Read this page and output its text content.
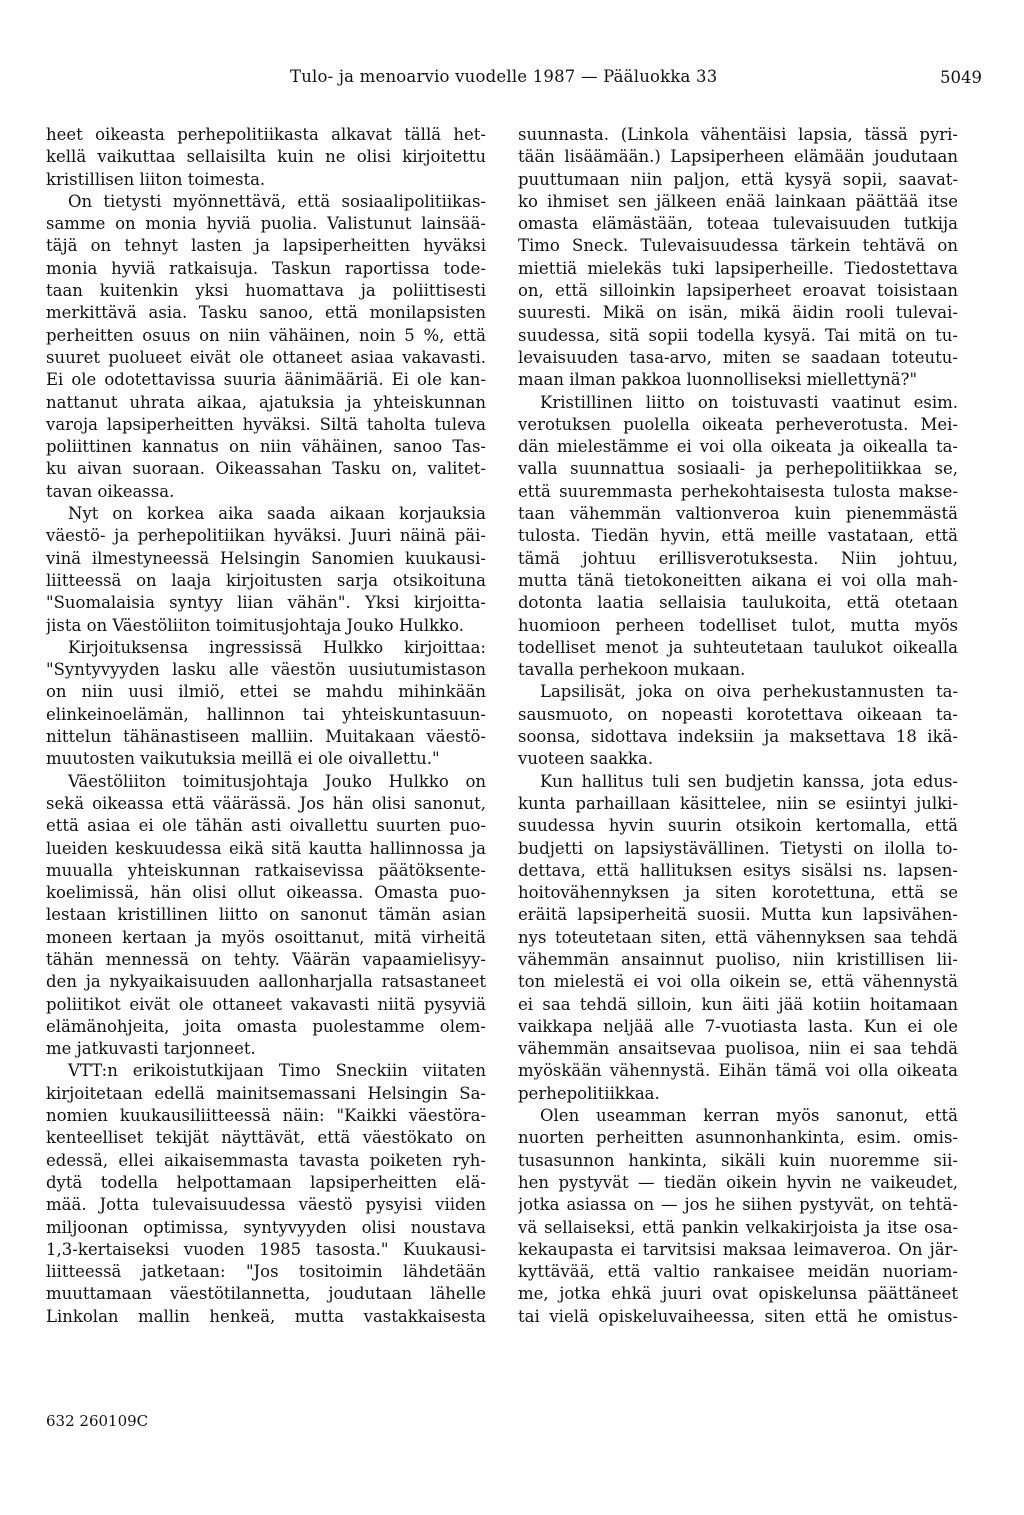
Tulo- ja menoarvio vuodelle 1987 — Pääluokka 33	5049
heet oikeasta perhepolitiikasta alkavat tällä het-
kellä vaikuttaa sellaisilta kuin ne olisi kirjoitettu
kristillisen liiton toimesta.
On tietysti myönnettävä, että sosiaalipolitiikas-
samme on monia hyviä puolia. Valistunut lainsää-
täjä on tehnyt lasten ja lapsiperheitten hyväksi
monia hyviä ratkaisuja. Taskun raportissa tode-
taan kuitenkin yksi huomattava ja poliittisesti
merkittävä asia. Tasku sanoo, että monilapsisten
perheitten osuus on niin vähäinen, noin 5 %, että
suuret puolueet eivät ole ottaneet asiaa vakavasti.
Ei ole odotettavissa suuria äänimääriä. Ei ole kan-
nattanut uhrata aikaa, ajatuksia ja yhteiskunnan
varoja lapsiperheitten hyväksi. Siltä taholta tuleva
poliittinen kannatus on niin vähäinen, sanoo Tas-
ku aivan suoraan. Oikeassahan Tasku on, valitet-
tavan oikeassa.
Nyt on korkea aika saada aikaan korjauksia
väestö- ja perhepolitiikan hyväksi. Juuri näinä päi-
vinä ilmestyneessä Helsingin Sanomien kuukausi-
liitteessä on laaja kirjoitusten sarja otsikoituna
"Suomalaisia syntyy liian vähän". Yksi kirjoitta-
jista on Väestöliiton toimitusjohtaja Jouko Hulkko.
Kirjoituksensa ingressissä Hulkko kirjoittaa:
"Syntyvyyden lasku alle väestön uusiutumistason
on niin uusi ilmiö, ettei se mahdu mihinkään
elinkeinoelämän, hallinnon tai yhteiskuntasuun-
nittelun tähänastiseen malliin. Muitakaan väestö-
muutosten vaikutuksia meillä ei ole oivallettu."
Väestöliiton toimitusjohtaja Jouko Hulkko on
sekä oikeassa että väärässä. Jos hän olisi sanonut,
että asiaa ei ole tähän asti oivallettu suurten puo-
lueiden keskuudessa eikä sitä kautta hallinnossa ja
muualla yhteiskunnan ratkaisevissa päätöksente-
koelimissä, hän olisi ollut oikeassa. Omasta puo-
lestaan kristillinen liitto on sanonut tämän asian
moneen kertaan ja myös osoittanut, mitä virheitä
tähän mennessä on tehty. Väärän vapaamielisyy-
den ja nykyaikaisuuden aallonharjalla ratsastaneet
poliitikot eivät ole ottaneet vakavasti niitä pysyviä
elämänohjeita, joita omasta puolestamme olem-
me jatkuvasti tarjonneet.
VTT:n erikoistutkijaan Timo Sneckiin viitaten
kirjoitetaan edellä mainitsemassani Helsingin Sa-
nomien kuukausiliitteessä näin: "Kaikki väestöra-
kenteelliset tekijät näyttävät, että väestökato on
edessä, ellei aikaisemmasta tavasta poiketen ryh-
dytä todella helpottamaan lapsiperheitten elä-
mää. Jotta tulevaisuudessa väestö pysyisi viiden
miljoonan optimissa, syntyvyyden olisi noustava
1,3-kertaiseksi vuoden 1985 tasosta." Kuukausi-
liitteessä jatketaan: "Jos tositoimin lähdetään
muuttamaan väestötilannetta, joudutaan lähelle
Linkolan mallin henkeä, mutta vastakkaisesta
suunnasta. (Linkola vähentäisi lapsia, tässä pyri-
tään lisäämään.) Lapsiperheen elämään joudutaan
puuttumaan niin paljon, että kysyä sopii, saavat-
ko ihmiset sen jälkeen enää lainkaan päättää itse
omasta elämästään, toteaa tulevaisuuden tutkija
Timo Sneck. Tulevaisuudessa tärkein tehtävä on
miettiä mielekäs tuki lapsiperheille. Tiedostettava
on, että silloinkin lapsiperheet eroavat toisistaan
suuresti. Mikä on isän, mikä äidin rooli tulevai-
suudessa, sitä sopii todella kysyä. Tai mitä on tu-
levaisuuden tasa-arvo, miten se saadaan toteutu-
maan ilman pakkoa luonnolliseksi miellettynä?"
Kristillinen liitto on toistuvasti vaatinut esim.
verotuksen puolella oikeata perheverotusta. Mei-
dän mielestämme ei voi olla oikeata ja oikealla ta-
valla suunnattua sosiaali- ja perhepolitiikkaa se,
että suuremmasta perhekohtaisesta tulosta makse-
taan vähemmän valtionveroa kuin pienemmästä
tulosta. Tiedän hyvin, että meille vastataan, että
tämä johtuu erillisverotuksesta. Niin johtuu,
mutta tänä tietokoneitten aikana ei voi olla mah-
dotonta laatia sellaisia taulukoita, että otetaan
huomioon perheen todelliset tulot, mutta myös
todelliset menot ja suhteutetaan taulukot oikealla
tavalla perhekoon mukaan.
Lapsilisät, joka on oiva perhekustannusten ta-
sausmuoto, on nopeasti korotettava oikeaan ta-
soonsa, sidottava indeksiin ja maksettava 18 ikä-
vuoteen saakka.
Kun hallitus tuli sen budjetin kanssa, jota edus-
kunta parhaillaan käsittelee, niin se esiintyi julki-
suudessa hyvin suurin otsikoin kertomalla, että
budjetti on lapsiystävällinen. Tietysti on ilolla to-
dettava, että hallituksen esitys sisälsi ns. lapsen-
hoitovähennyksen ja siten korotettuna, että se
eräitä lapsiperheitä suosii. Mutta kun lapsivähen-
nys toteutetaan siten, että vähennyksen saa tehdä
vähemmän ansainnut puoliso, niin kristillisen lii-
ton mielestä ei voi olla oikein se, että vähennystä
ei saa tehdä silloin, kun äiti jää kotiin hoitamaan
vaikkapa neljää alle 7-vuotiasta lasta. Kun ei ole
vähemmän ansaitsevaa puolisoa, niin ei saa tehdä
myöskään vähennystä. Eihän tämä voi olla oikeata
perhepolitiikkaa.
Olen useamman kerran myös sanonut, että
nuorten perheitten asunnonhankinta, esim. omis-
tusasunnon hankinta, sikäli kuin nuoremme sii-
hen pystyvät — tiedän oikein hyvin ne vaikeudet,
jotka asiassa on — jos he siihen pystyvät, on tehtä-
vä sellaiseksi, että pankin velkakirjoista ja itse osa-
kekaupasta ei tarvitsisi maksaa leimaveroa. On jär-
kyttävää, että valtio rankaisee meidän nuoriam-
me, jotka ehkä juuri ovat opiskelunsa päättäneet
tai vielä opiskeluvaiheessa, siten että he omistus-
632 260109C
